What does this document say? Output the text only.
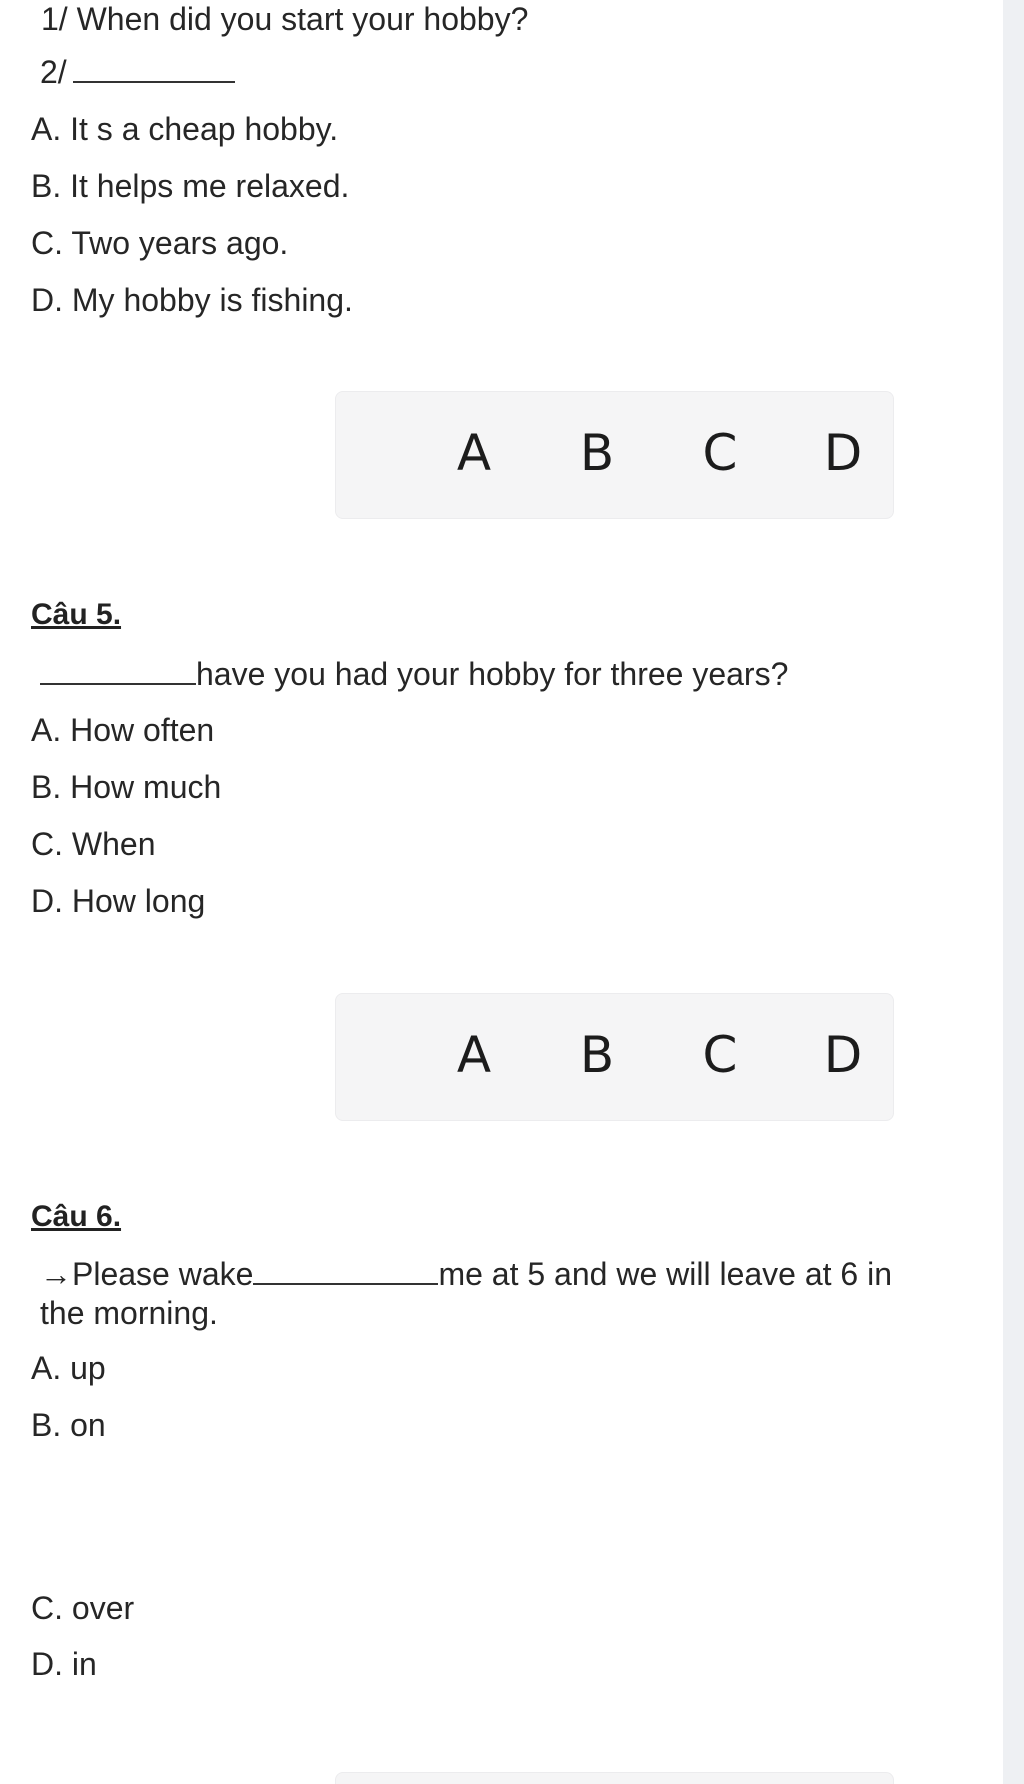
1/ When did you start your hobby?
2/
A. It s a cheap hobby.
B. It helps me relaxed.
C. Two years ago.
D. My hobby is fishing.
A B C D
Câu 5.
have you had your hobby for three years?
A. How often
B. How much
C. When
D. How long
A B C D
Câu 6.
→Please wake	me at 5 and we will leave at 6 in
the morning.
A. up
B. on
C. over
D. in
